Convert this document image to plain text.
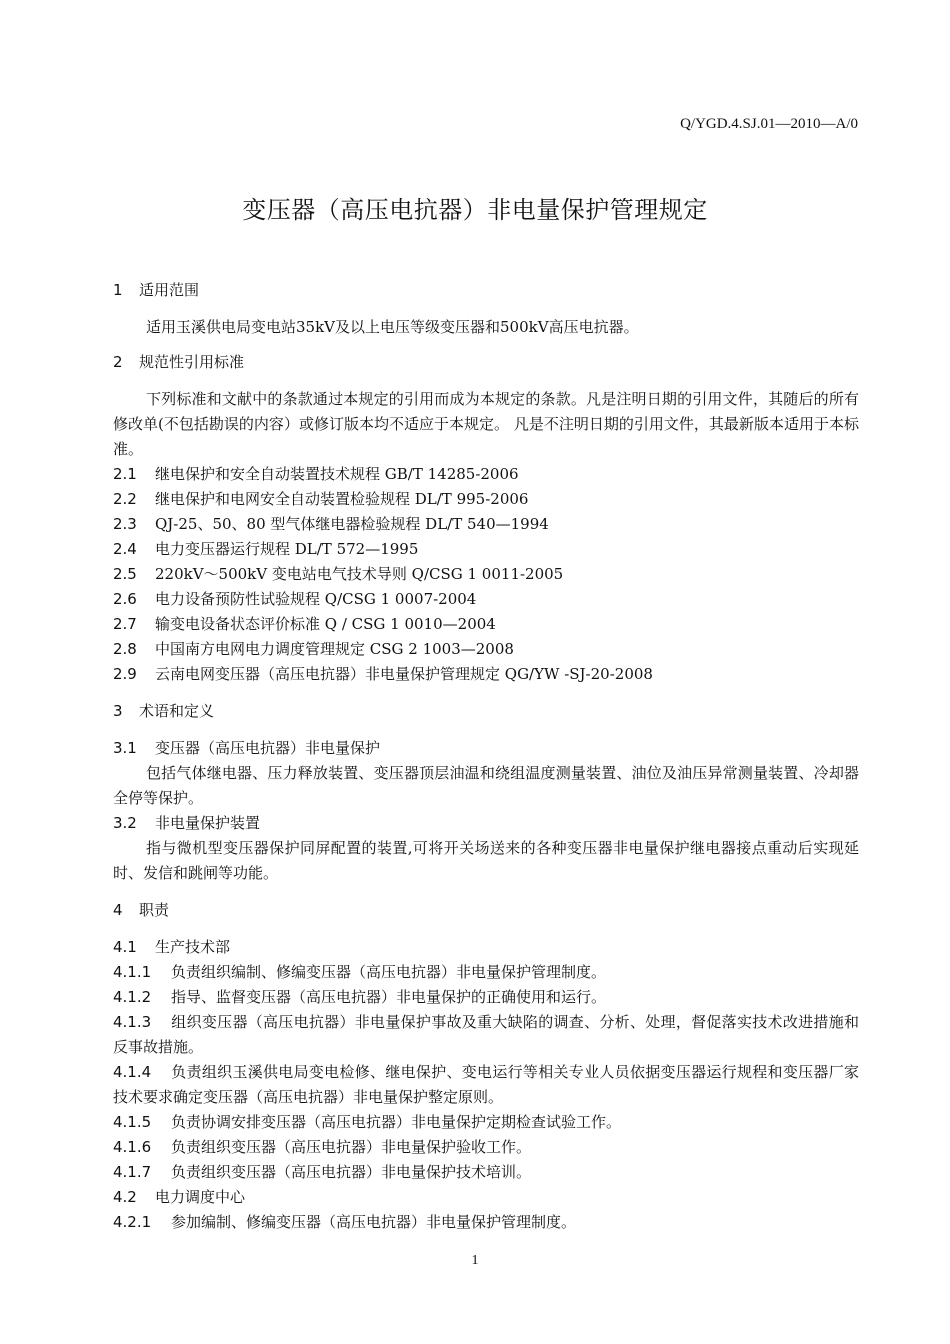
Q/YGD.4.SJ.01—2010—A/0
变压器（高压电抗器）非电量保护管理规定

1 适用范围

适用玉溪供电局变电站35kV及以上电压等级变压器和500kV高压电抗器。

2 规范性引用标准

下列标准和文献中的条款通过本规定的引用而成为本规定的条款。凡是注明日期的引用文件，其随后的所有修改单(不包括勘误的内容）或修订版本均不适应于本规定。 凡是不注明日期的引用文件，其最新版本适用于本标准。

2.1 继电保护和安全自动装置技术规程 GB/T 14285-2006

2.2 继电保护和电网安全自动装置检验规程 DL/T 995-2006

2.3 QJ-25、50、80 型气体继电器检验规程 DL/T 540—1994

2.4 电力变压器运行规程 DL/T 572—1995

2.5 220kV～500kV 变电站电气技术导则 Q/CSG 1 0011-2005

2.6 电力设备预防性试验规程 Q/CSG 1 0007-2004

2.7 输变电设备状态评价标准 Q / CSG 1 0010—2004

2.8 中国南方电网电力调度管理规定 CSG 2 1003—2008

2.9 云南电网变压器（高压电抗器）非电量保护管理规定 QG/YW -SJ-20-2008

3 术语和定义

3.1 变压器（高压电抗器）非电量保护

包括气体继电器、压力释放装置、变压器顶层油温和绕组温度测量装置、油位及油压异常测量装置、冷却器全停等保护。

3.2 非电量保护装置

指与微机型变压器保护同屏配置的装置,可将开关场送来的各种变压器非电量保护继电器接点重动后实现延时、发信和跳闸等功能。

4 职责

4.1 生产技术部

4.1.1 负责组织编制、修编变压器（高压电抗器）非电量保护管理制度。

4.1.2 指导、监督变压器（高压电抗器）非电量保护的正确使用和运行。

4.1.3 组织变压器（高压电抗器）非电量保护事故及重大缺陷的调查、分析、处理，督促落实技术改进措施和反事故措施。

4.1.4 负责组织玉溪供电局变电检修、继电保护、变电运行等相关专业人员依据变压器运行规程和变压器厂家技术要求确定变压器（高压电抗器）非电量保护整定原则。

4.1.5 负责协调安排变压器（高压电抗器）非电量保护定期检查试验工作。

4.1.6 负责组织变压器（高压电抗器）非电量保护验收工作。

4.1.7 负责组织变压器（高压电抗器）非电量保护技术培训。

4.2 电力调度中心

4.2.1 参加编制、修编变压器（高压电抗器）非电量保护管理制度。

1
